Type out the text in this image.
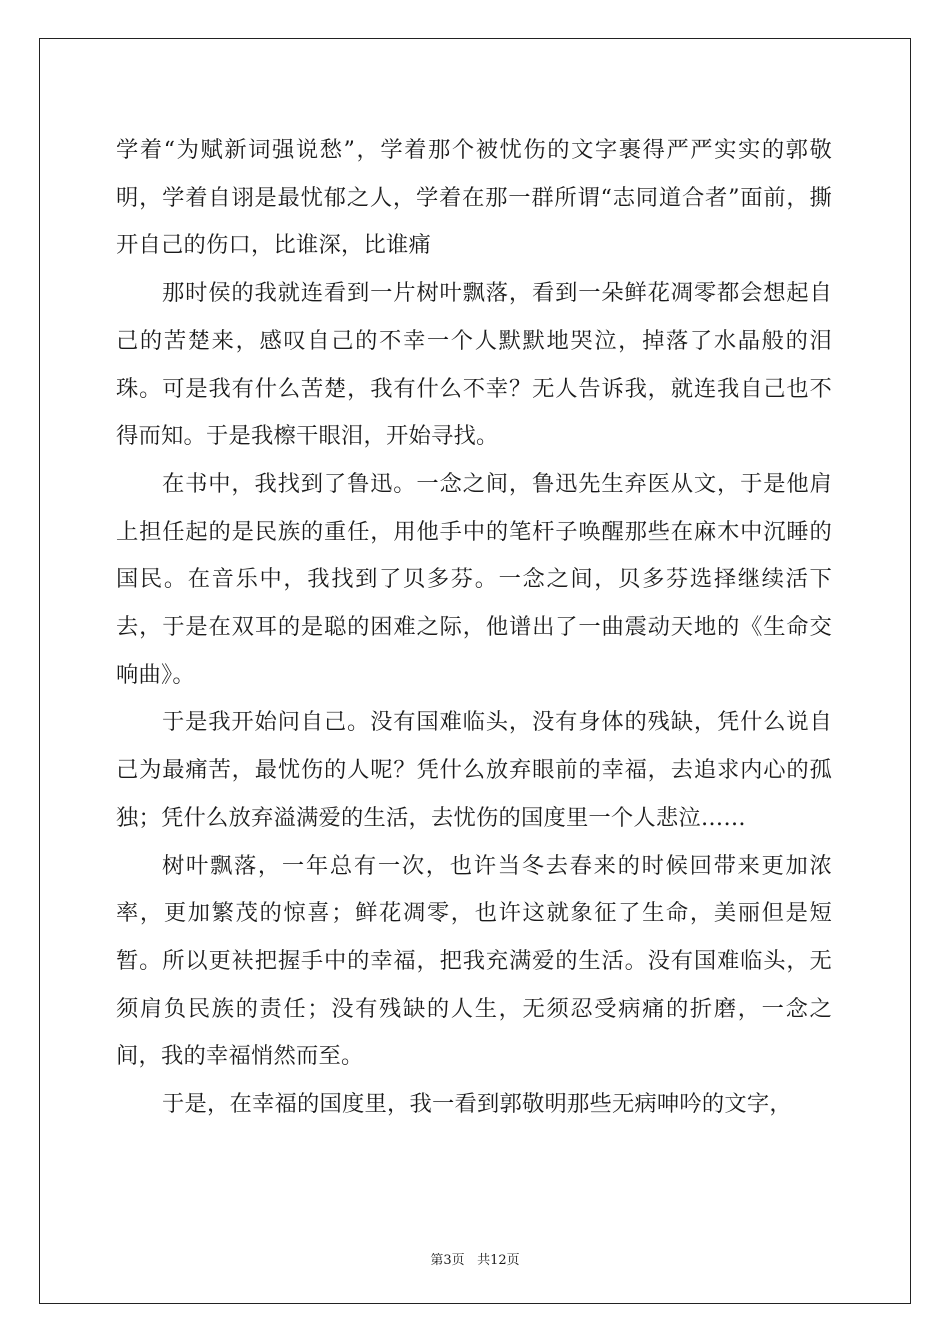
学着“为赋新词强说愁”，学着那个被忧伤的文字裹得严严实实的郭敬明，学着自诩是最忧郁之人，学着在那一群所谓“志同道合者”面前，撕开自己的伤口，比谁深，比谁痛

那时侯的我就连看到一片树叶飘落，看到一朵鲜花凋零都会想起自己的苦楚来，感叹自己的不幸一个人默默地哭泣，掉落了水晶般的泪珠。可是我有什么苦楚，我有什么不幸？无人告诉我，就连我自己也不得而知。于是我檫干眼泪，开始寻找。

在书中，我找到了鲁迅。一念之间，鲁迅先生弃医从文，于是他肩上担任起的是民族的重任，用他手中的笔杆子唤醒那些在麻木中沉睡的国民。在音乐中，我找到了贝多芬。一念之间，贝多芬选择继续活下去，于是在双耳的是聪的困难之际，他谱出了一曲震动天地的《生命交响曲》。

于是我开始问自己。没有国难临头，没有身体的残缺，凭什么说自己为最痛苦，最忧伤的人呢？凭什么放弃眼前的幸福，去追求内心的孤独；凭什么放弃溢满爱的生活，去忧伤的国度里一个人悲泣……

树叶飘落，一年总有一次，也许当冬去春来的时候回带来更加浓率，更加繁茂的惊喜；鲜花凋零，也许这就象征了生命，美丽但是短暂。所以更衭把握手中的幸福，把我充满爱的生活。没有国难临头，无须肩负民族的责任；没有残缺的人生，无须忍受病痛的折磨，一念之间，我的幸福悄然而至。

于是，在幸福的国度里，我一看到郭敬明那些无病呻吟的文字，

第3页 共12页
